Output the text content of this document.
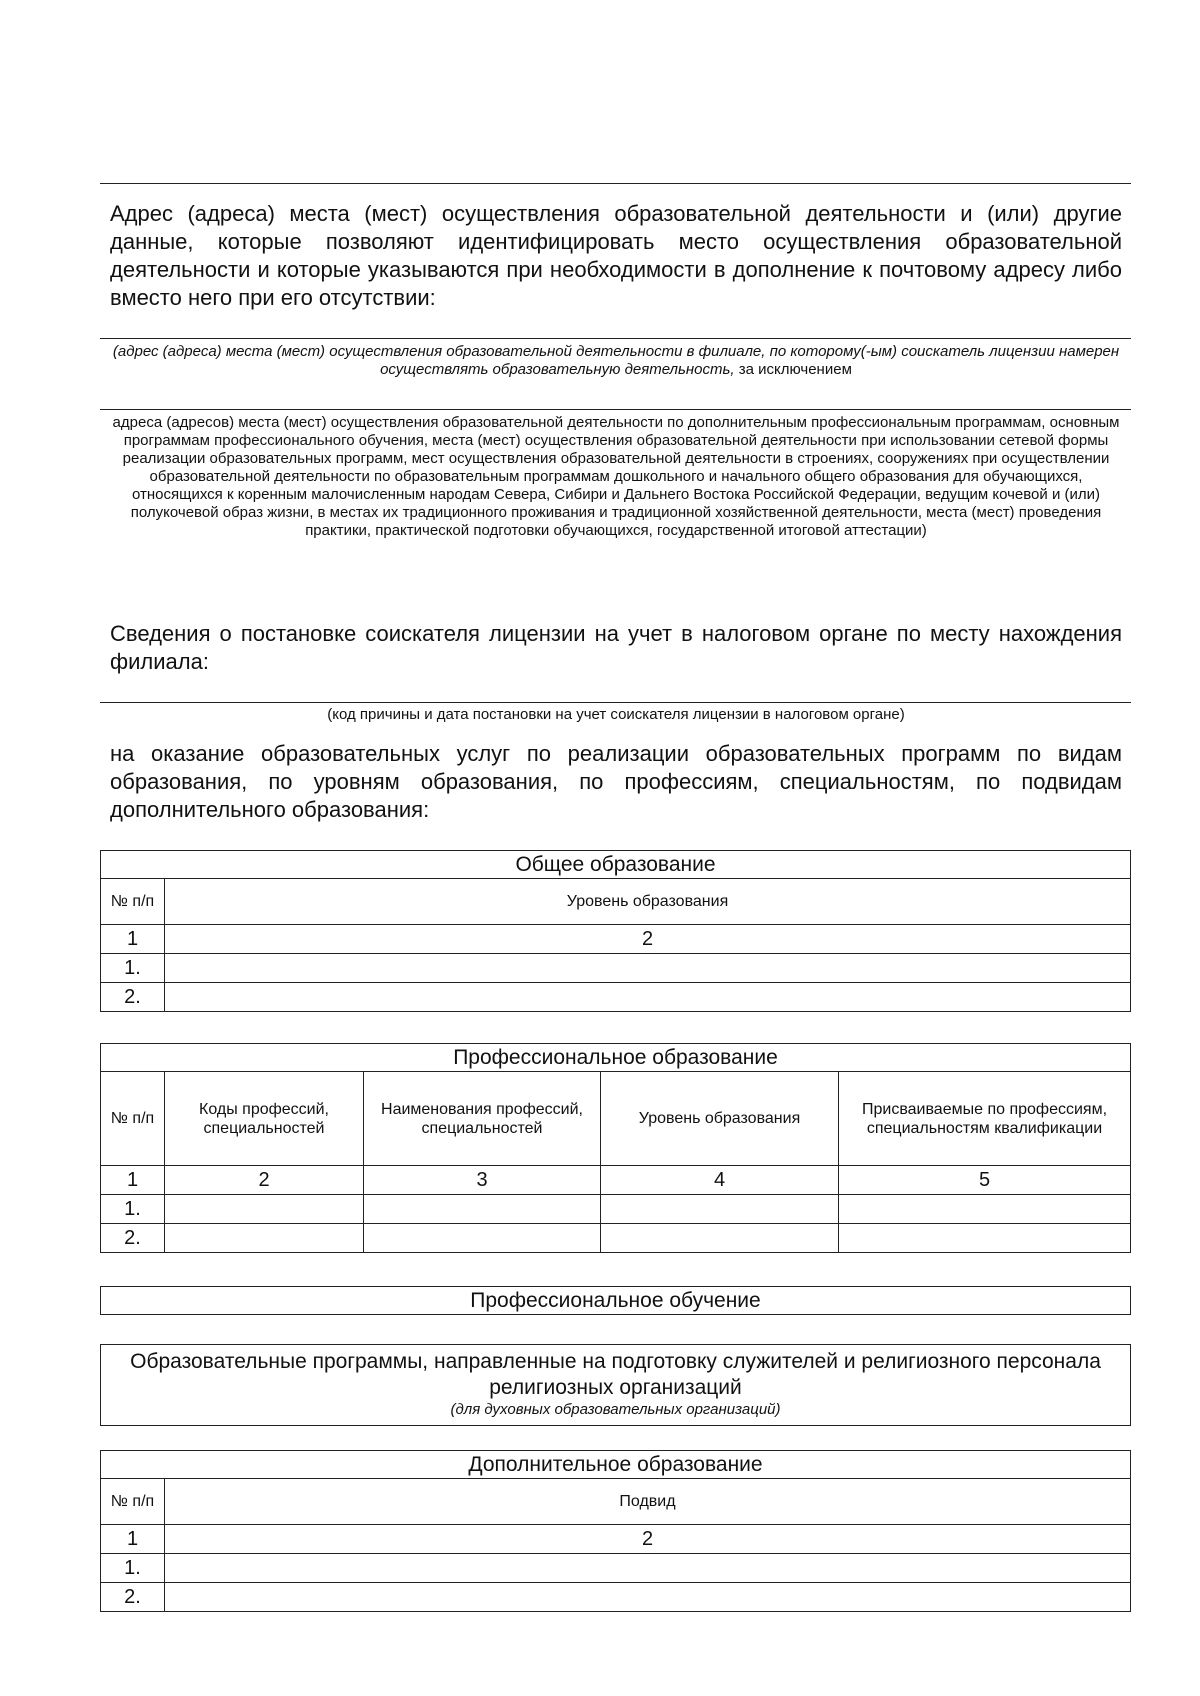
Адрес (адреса) места (мест) осуществления образовательной деятельности и (или) другие данные, которые позволяют идентифицировать место осуществления образовательной деятельности и которые указываются при необходимости в дополнение к почтовому адресу либо вместо него при его отсутствии:
(адрес (адреса) места (мест) осуществления образовательной деятельности в филиале, по которому(-ым) соискатель лицензии намерен осуществлять образовательную деятельность, за исключением
адреса (адресов) места (мест) осуществления образовательной деятельности по дополнительным профессиональным программам, основным программам профессионального обучения, места (мест) осуществления образовательной деятельности при использовании сетевой формы реализации образовательных программ, мест осуществления образовательной деятельности в строениях, сооружениях при осуществлении образовательной деятельности по образовательным программам дошкольного и начального общего образования для обучающихся, относящихся к коренным малочисленным народам Севера, Сибири и Дальнего Востока Российской Федерации, ведущим кочевой и (или) полукочевой образ жизни, в местах их традиционного проживания и традиционной хозяйственной деятельности, места (мест) проведения практики, практической подготовки обучающихся, государственной итоговой аттестации)
Сведения о постановке соискателя лицензии на учет в налоговом органе по месту нахождения филиала:
(код причины и дата постановки на учет соискателя лицензии в налоговом органе)
на оказание образовательных услуг по реализации образовательных программ по видам образования, по уровням образования, по профессиям, специальностям, по подвидам дополнительного образования:
Общее образование	
№ п/п	Уровень образования
1	2
1.	
2.	
Профессиональное образование				
№ п/п	Коды профессий, специальностей	Наименования профессий, специальностей	Уровень образования	Присваиваемые по профессиям, специальностям квалификации
1	2	3	4	5
1.				
2.				
Профессиональное обучение
Образовательные программы, направленные на подготовку служителей и религиозного персонала религиозных организаций
(для духовных образовательных организаций)
Дополнительное образование	
№ п/п	Подвид
1	2
1.	
2.	
